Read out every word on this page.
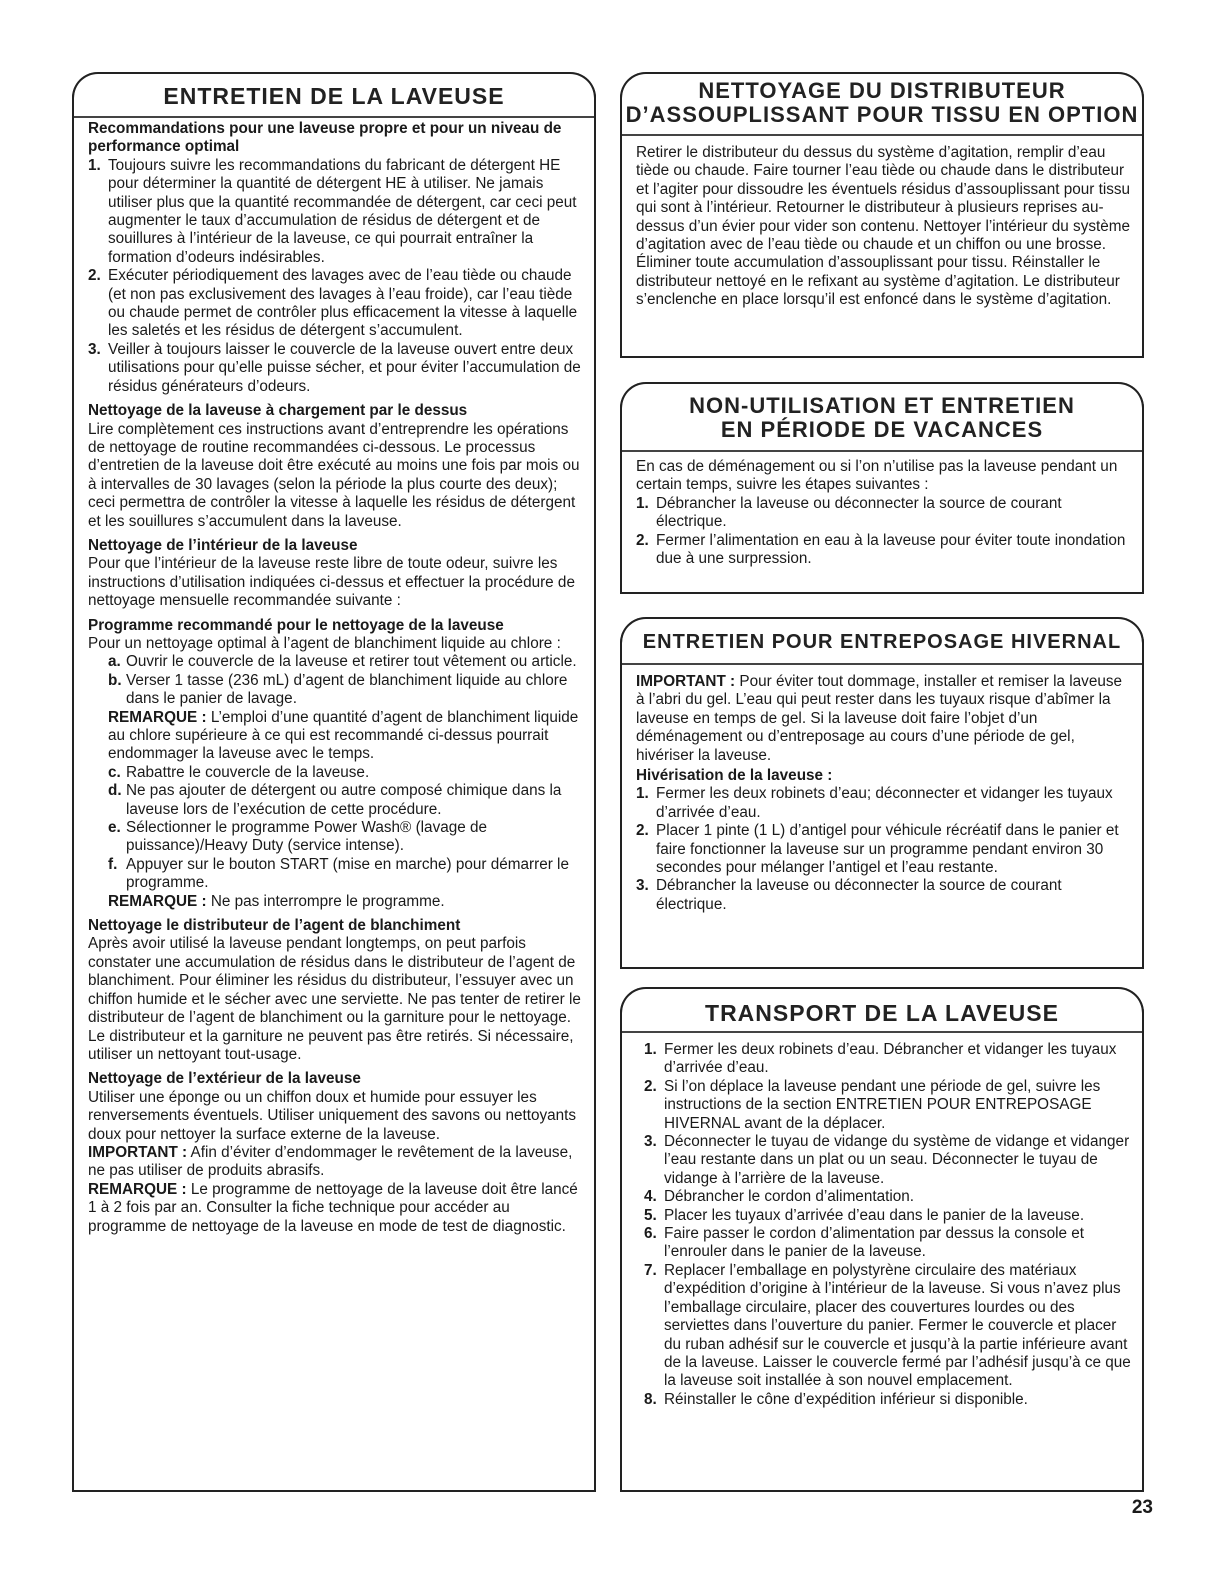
ENTRETIEN DE LA LAVEUSE

Recommandations pour une laveuse propre et pour un niveau de performance optimal

1. Toujours suivre les recommandations du fabricant de détergent HE pour déterminer la quantité de détergent HE à utiliser. Ne jamais utiliser plus que la quantité recommandée de détergent, car ceci peut augmenter le taux d’accumulation de résidus de détergent et de souillures à l’intérieur de la laveuse, ce qui pourrait entraîner la formation d’odeurs indésirables.
2. Exécuter périodiquement des lavages avec de l’eau tiède ou chaude (et non pas exclusivement des lavages à l’eau froide), car l’eau tiède ou chaude permet de contrôler plus efficacement la vitesse à laquelle les saletés et les résidus de détergent s’accumulent.
3. Veiller à toujours laisser le couvercle de la laveuse ouvert entre deux utilisations pour qu’elle puisse sécher, et pour éviter l’accumulation de résidus générateurs d’odeurs.

Nettoyage de la laveuse à chargement par le dessus

Lire complètement ces instructions avant d’entreprendre les opérations de nettoyage de routine recommandées ci-dessous. Le processus d’entretien de la laveuse doit être exécuté au moins une fois par mois ou à intervalles de 30 lavages (selon la période la plus courte des deux); ceci permettra de contrôler la vitesse à laquelle les résidus de détergent et les souillures s’accumulent dans la laveuse.

Nettoyage de l’intérieur de la laveuse

Pour que l’intérieur de la laveuse reste libre de toute odeur, suivre les instructions d’utilisation indiquées ci-dessus et effectuer la procédure de nettoyage mensuelle recommandée suivante :

Programme recommandé pour le nettoyage de la laveuse

Pour un nettoyage optimal à l’agent de blanchiment liquide au chlore :

a. Ouvrir le couvercle de la laveuse et retirer tout vêtement ou article.
b. Verser 1 tasse (236 mL) d’agent de blanchiment liquide au chlore dans le panier de lavage.

REMARQUE : L’emploi d’une quantité d’agent de blanchiment liquide au chlore supérieure à ce qui est recommandé ci-dessus pourrait endommager la laveuse avec le temps.

c. Rabattre le couvercle de la laveuse.
d. Ne pas ajouter de détergent ou autre composé chimique dans la laveuse lors de l’exécution de cette procédure.
e. Sélectionner le programme Power Wash® (lavage de puissance)/Heavy Duty (service intense).
f. Appuyer sur le bouton START (mise en marche) pour démarrer le programme.

REMARQUE : Ne pas interrompre le programme.

Nettoyage le distributeur de l’agent de blanchiment

Après avoir utilisé la laveuse pendant longtemps, on peut parfois constater une accumulation de résidus dans le distributeur de l’agent de blanchiment. Pour éliminer les résidus du distributeur, l’essuyer avec un chiffon humide et le sécher avec une serviette. Ne pas tenter de retirer le distributeur de l’agent de blanchiment ou la garniture pour le nettoyage. Le distributeur et la garniture ne peuvent pas être retirés. Si nécessaire, utiliser un nettoyant tout-usage.

Nettoyage de l’extérieur de la laveuse

Utiliser une éponge ou un chiffon doux et humide pour essuyer les renversements éventuels. Utiliser uniquement des savons ou nettoyants doux pour nettoyer la surface externe de la laveuse.

IMPORTANT : Afin d’éviter d’endommager le revêtement de la laveuse, ne pas utiliser de produits abrasifs.

REMARQUE : Le programme de nettoyage de la laveuse doit être lancé 1 à 2 fois par an. Consulter la fiche technique pour accéder au programme de nettoyage de la laveuse en mode de test de diagnostic.

NETTOYAGE DU DISTRIBUTEUR
D’ASSOUPLISSANT POUR TISSU EN OPTION

Retirer le distributeur du dessus du système d’agitation, remplir d’eau tiède ou chaude. Faire tourner l’eau tiède ou chaude dans le distributeur et l’agiter pour dissoudre les éventuels résidus d’assouplissant pour tissu qui sont à l’intérieur. Retourner le distributeur à plusieurs reprises au-dessus d’un évier pour vider son contenu. Nettoyer l’intérieur du système d’agitation avec de l’eau tiède ou chaude et un chiffon ou une brosse. Éliminer toute accumulation d’assouplissant pour tissu. Réinstaller le distributeur nettoyé en le refixant au système d’agitation. Le distributeur s’enclenche en place lorsqu’il est enfoncé dans le système d’agitation.

NON-UTILISATION ET ENTRETIEN
EN PÉRIODE DE VACANCES

En cas de déménagement ou si l’on n’utilise pas la laveuse pendant un certain temps, suivre les étapes suivantes :

1. Débrancher la laveuse ou déconnecter la source de courant électrique.
2. Fermer l’alimentation en eau à la laveuse pour éviter toute inondation due à une surpression.
ENTRETIEN POUR ENTREPOSAGE HIVERNAL

IMPORTANT : Pour éviter tout dommage, installer et remiser la laveuse à l’abri du gel. L’eau qui peut rester dans les tuyaux risque d’abîmer la laveuse en temps de gel. Si la laveuse doit faire l’objet d’un déménagement ou d’entreposage au cours d’une période de gel, hivériser la laveuse.

Hivérisation de la laveuse :

1. Fermer les deux robinets d’eau; déconnecter et vidanger les tuyaux d’arrivée d’eau.
2. Placer 1 pinte (1 L) d’antigel pour véhicule récréatif dans le panier et faire fonctionner la laveuse sur un programme pendant environ 30 secondes pour mélanger l’antigel et l’eau restante.
3. Débrancher la laveuse ou déconnecter la source de courant électrique.
TRANSPORT DE LA LAVEUSE
1. Fermer les deux robinets d’eau. Débrancher et vidanger les tuyaux d’arrivée d’eau.
2. Si l’on déplace la laveuse pendant une période de gel, suivre les instructions de la section ENTRETIEN POUR ENTREPOSAGE HIVERNAL avant de la déplacer.
3. Déconnecter le tuyau de vidange du système de vidange et vidanger l’eau restante dans un plat ou un seau. Déconnecter le tuyau de vidange à l’arrière de la laveuse.
4. Débrancher le cordon d’alimentation.
5. Placer les tuyaux d’arrivée d’eau dans le panier de la laveuse.
6. Faire passer le cordon d’alimentation par dessus la console et l’enrouler dans le panier de la laveuse.
7. Replacer l’emballage en polystyrène circulaire des matériaux d’expédition d’origine à l’intérieur de la laveuse. Si vous n’avez plus l’emballage circulaire, placer des couvertures lourdes ou des serviettes dans l’ouverture du panier. Fermer le couvercle et placer du ruban adhésif sur le couvercle et jusqu’à la partie inférieure avant de la laveuse. Laisser le couvercle fermé par l’adhésif jusqu’à ce que la laveuse soit installée à son nouvel emplacement.
8. Réinstaller le cône d’expédition inférieur si disponible.
23
